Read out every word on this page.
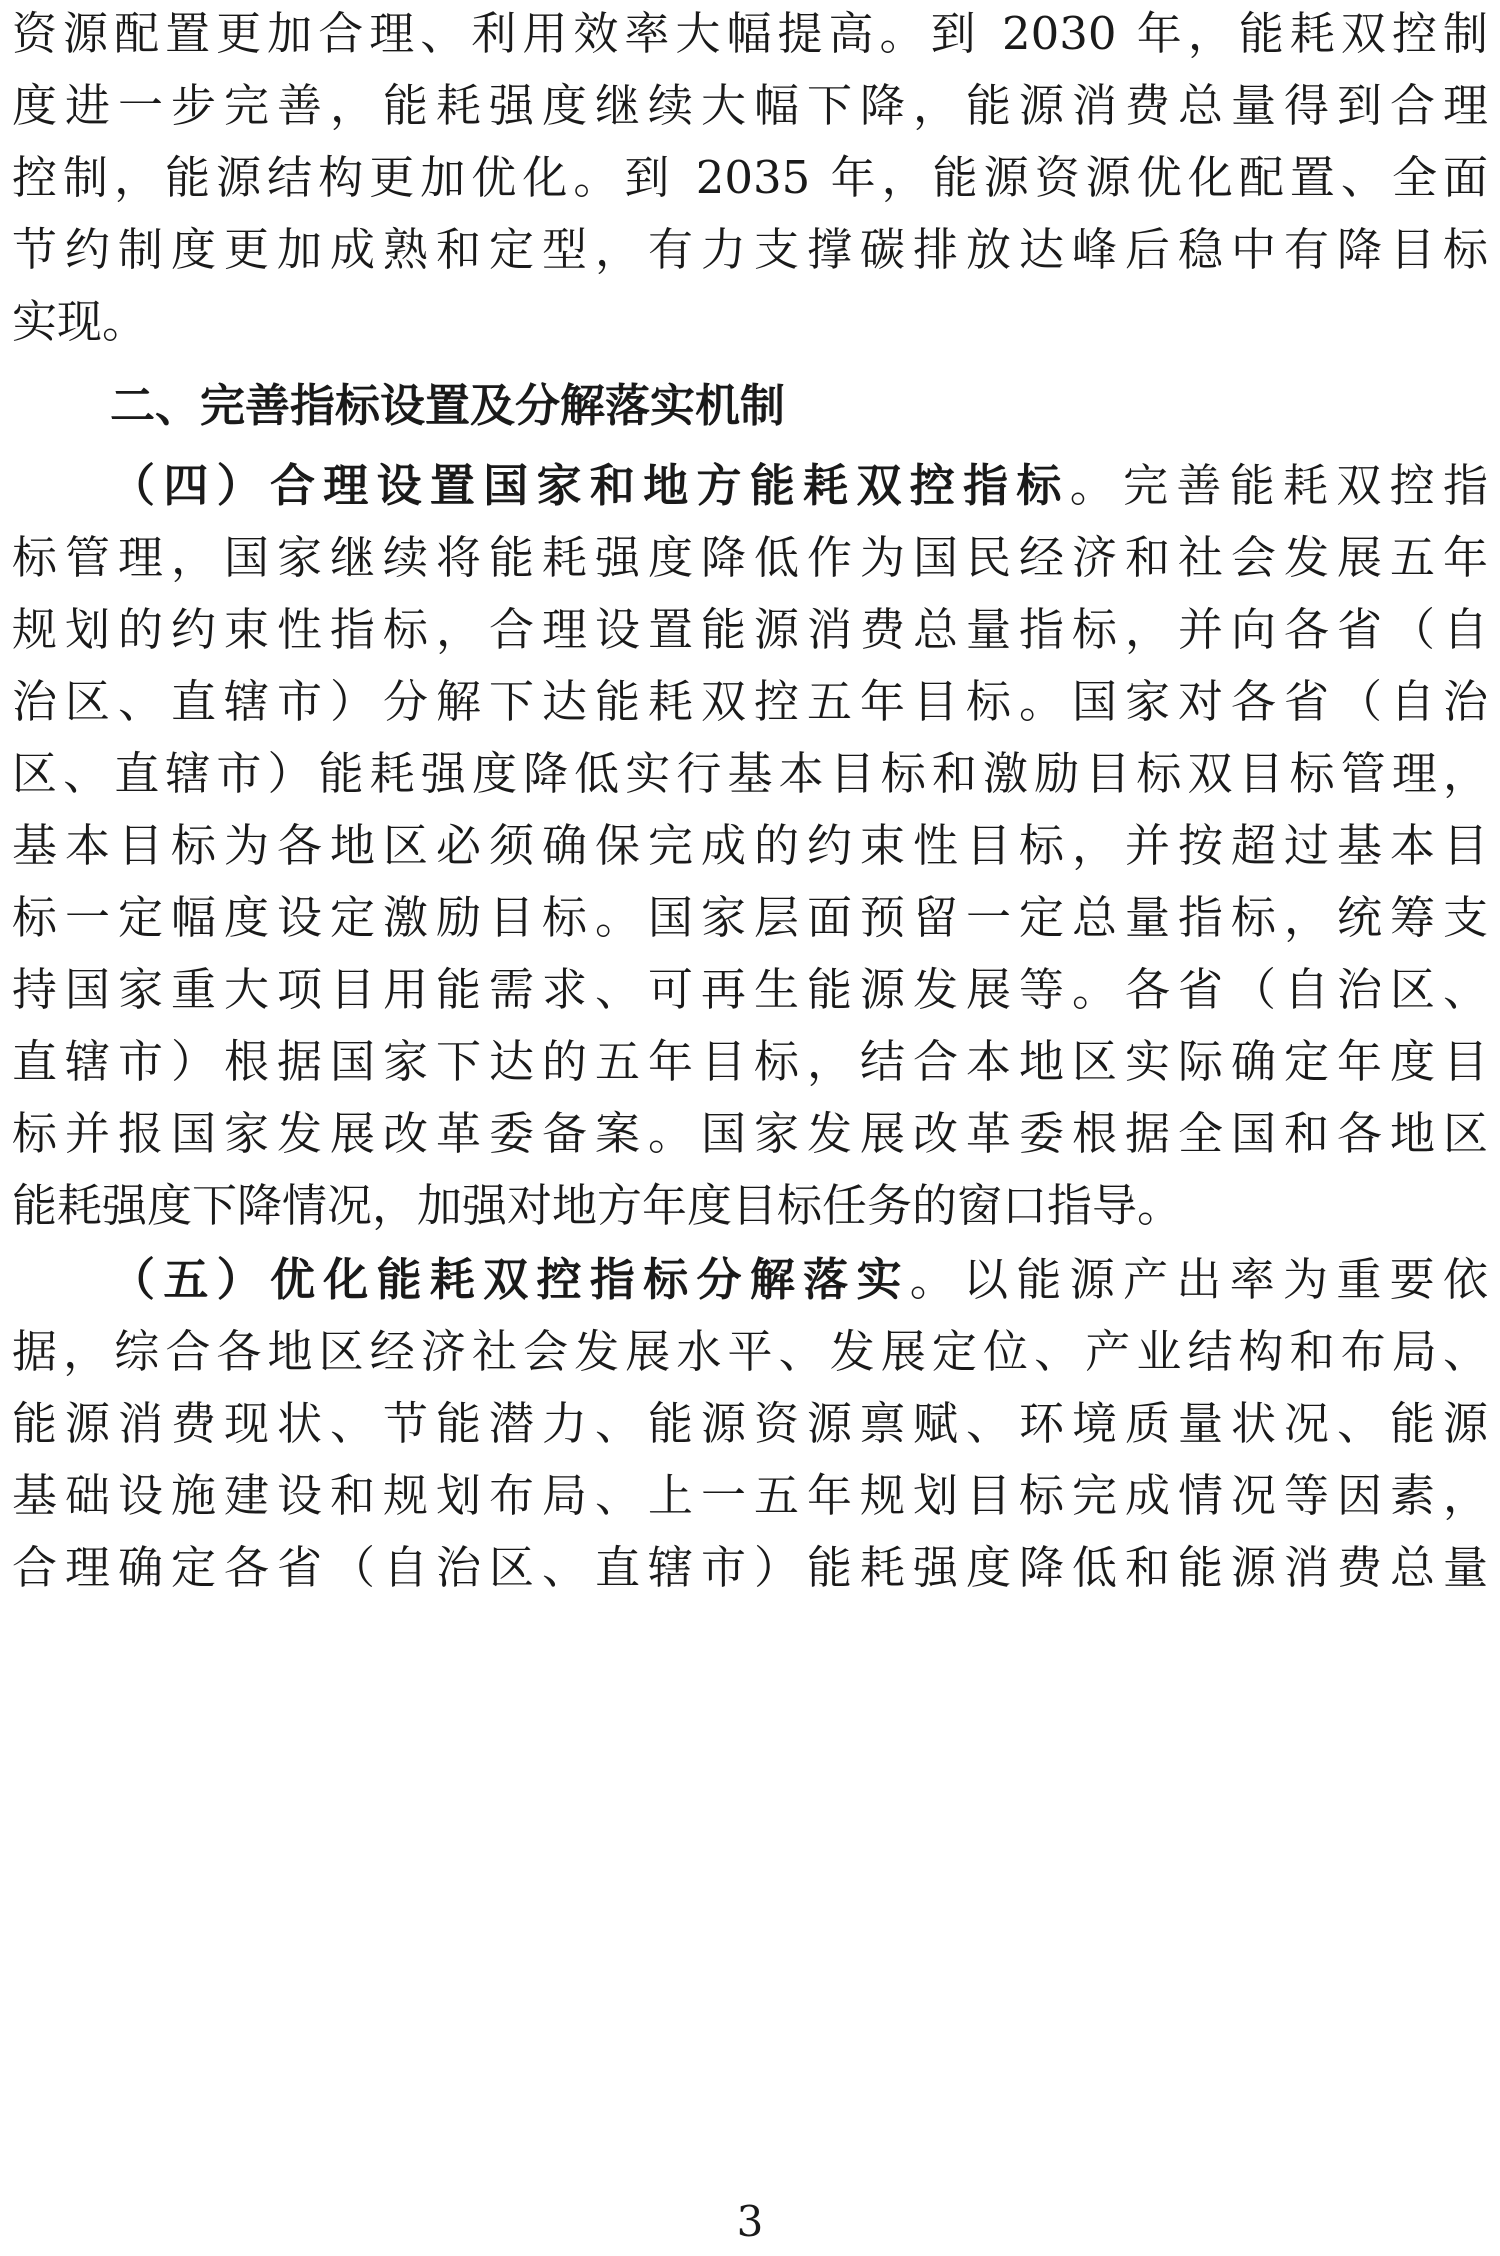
资源配置更加合理、利用效率大幅提高。到 2030 年，能耗双控制
度进一步完善，能耗强度继续大幅下降，能源消费总量得到合理
控制，能源结构更加优化。到 2035 年，能源资源优化配置、全面
节约制度更加成熟和定型，有力支撑碳排放达峰后稳中有降目标
实现。
二、完善指标设置及分解落实机制
（四）合理设置国家和地方能耗双控指标。完善能耗双控指
标管理，国家继续将能耗强度降低作为国民经济和社会发展五年
规划的约束性指标，合理设置能源消费总量指标，并向各省（自
治区、直辖市）分解下达能耗双控五年目标。国家对各省（自治
区、直辖市）能耗强度降低实行基本目标和激励目标双目标管理，
基本目标为各地区必须确保完成的约束性目标，并按超过基本目
标一定幅度设定激励目标。国家层面预留一定总量指标，统筹支
持国家重大项目用能需求、可再生能源发展等。各省（自治区、
直辖市）根据国家下达的五年目标，结合本地区实际确定年度目
标并报国家发展改革委备案。国家发展改革委根据全国和各地区
能耗强度下降情况，加强对地方年度目标任务的窗口指导。
（五）优化能耗双控指标分解落实。以能源产出率为重要依
据，综合各地区经济社会发展水平、发展定位、产业结构和布局、
能源消费现状、节能潜力、能源资源禀赋、环境质量状况、能源
基础设施建设和规划布局、上一五年规划目标完成情况等因素，
合理确定各省（自治区、直辖市）能耗强度降低和能源消费总量
3
